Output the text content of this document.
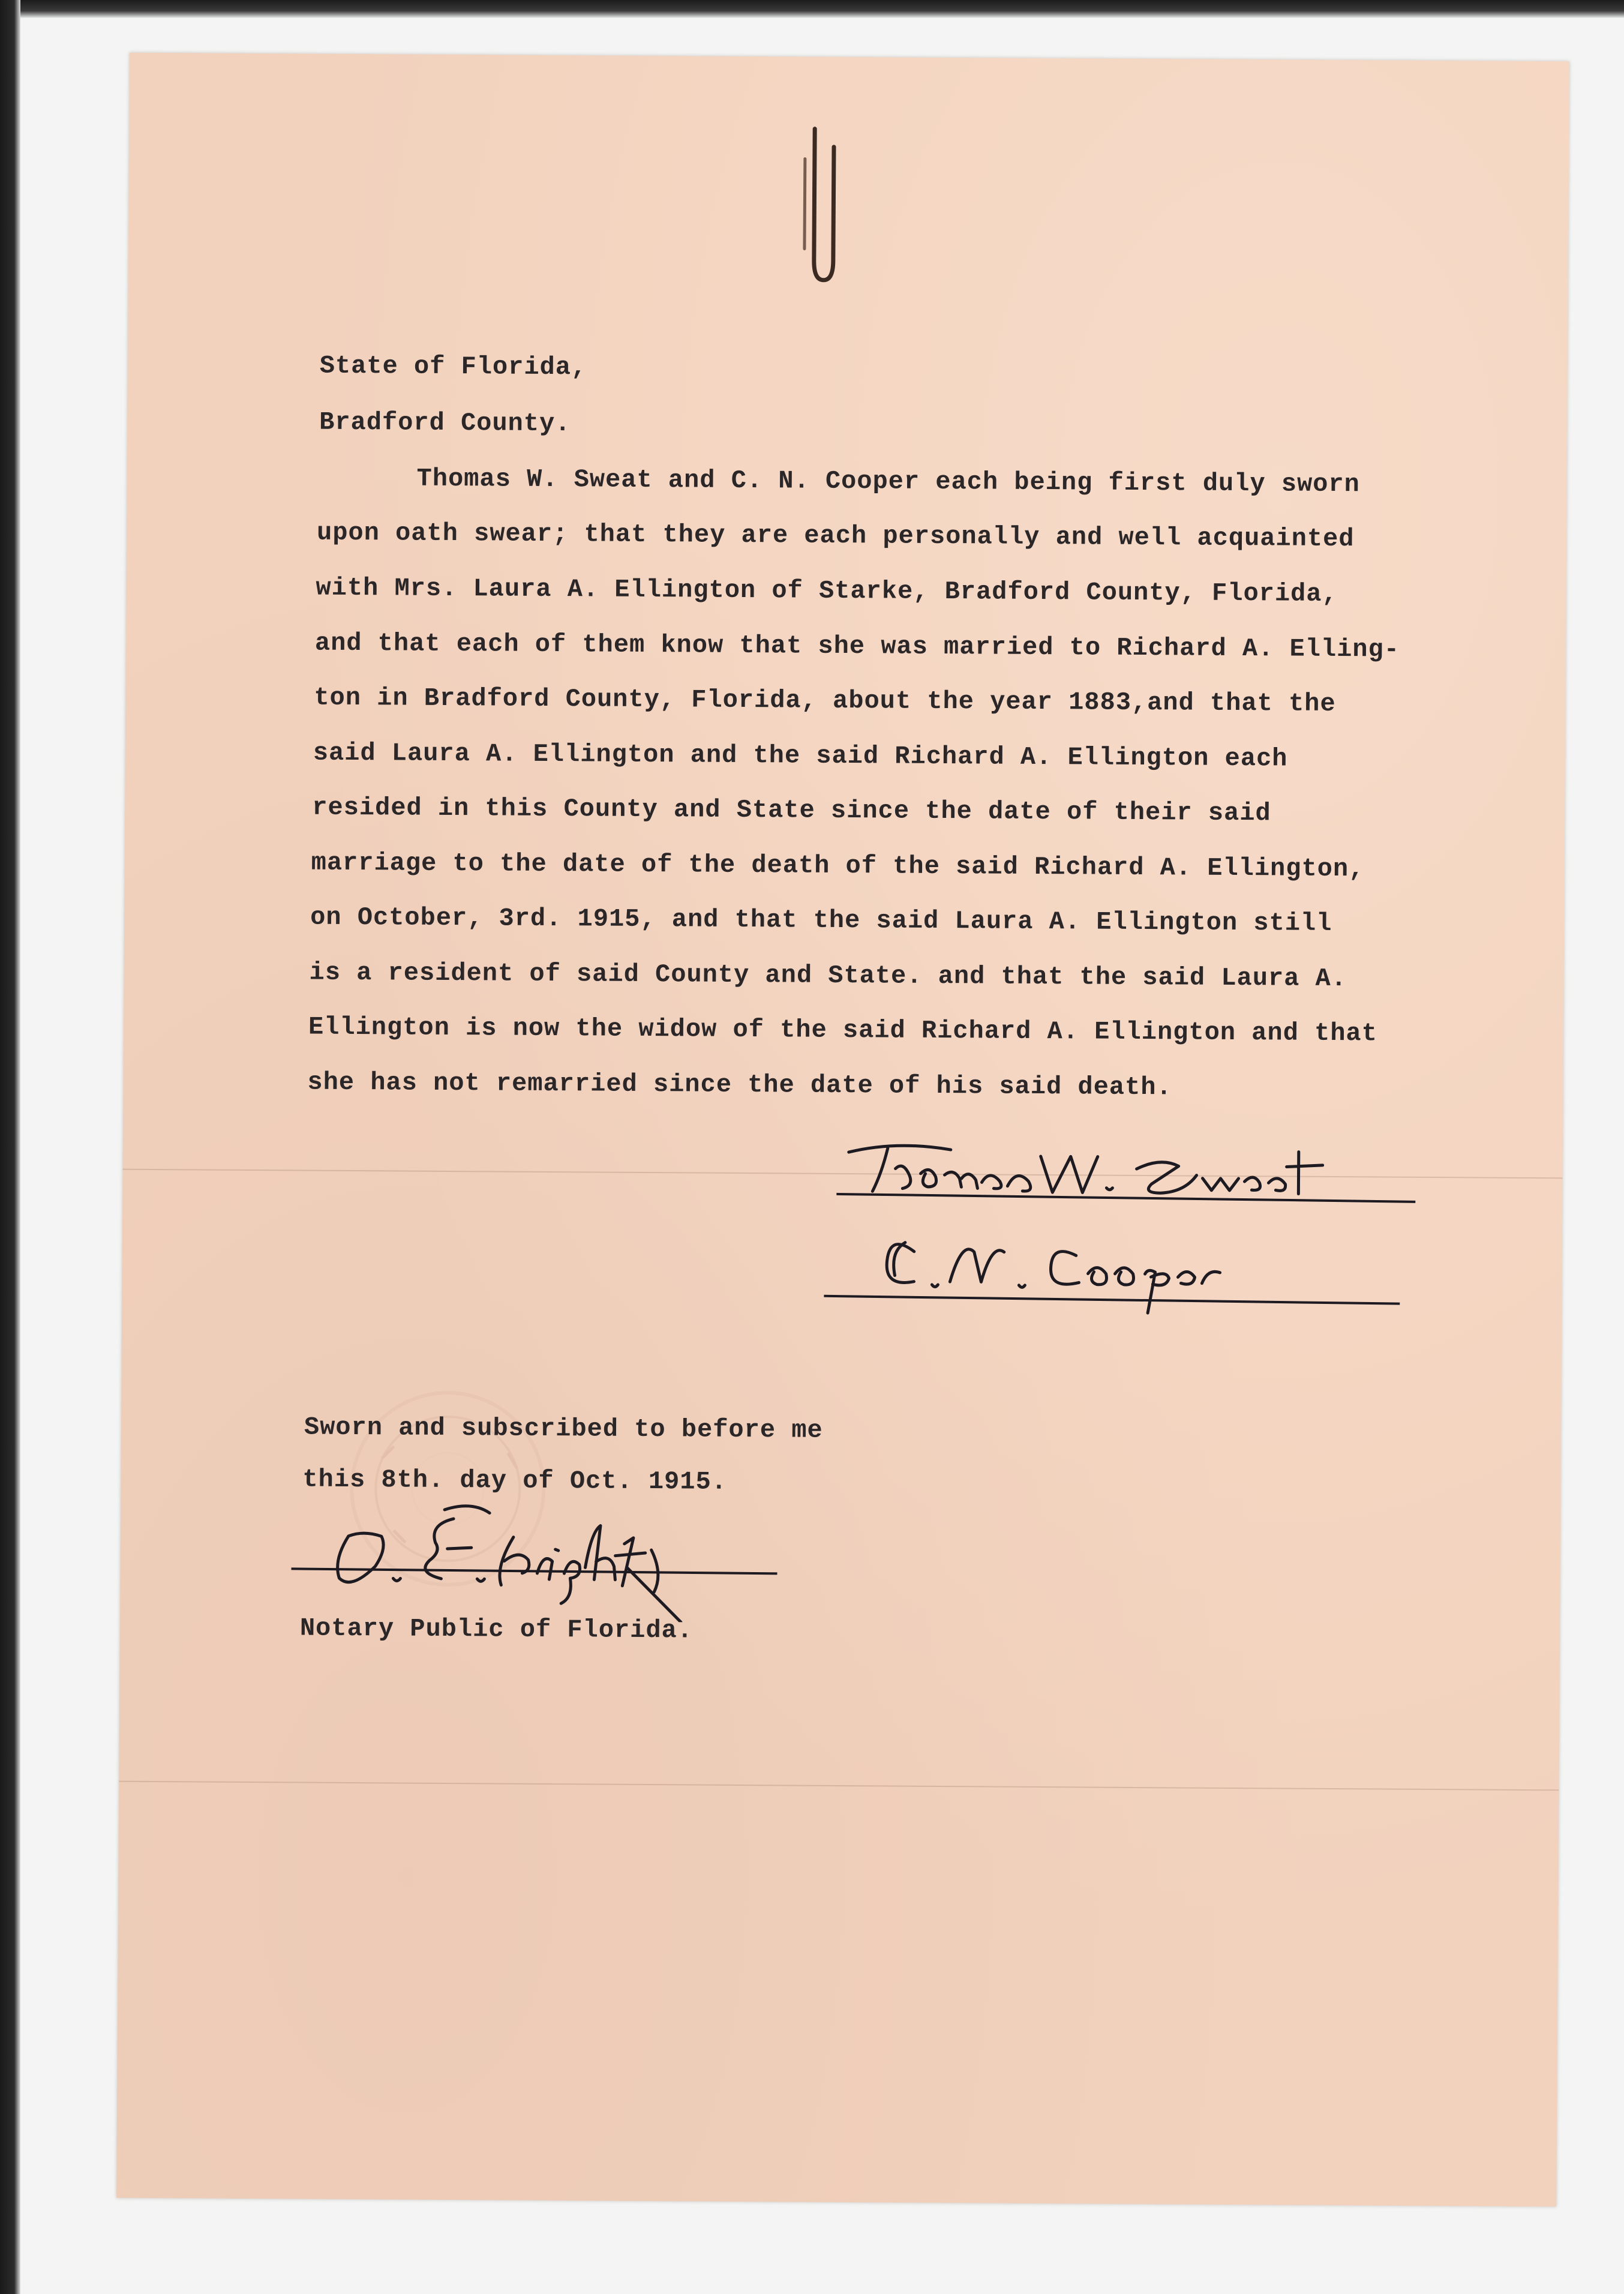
State of Florida,
Bradford County.
Thomas W. Sweat and C. N. Cooper each being first duly sworn
upon oath swear; that they are each personally and well acquainted
with Mrs. Laura A. Ellington of Starke, Bradford County, Florida,
and that each of them know that she was married to Richard A. Elling-
ton in Bradford County, Florida, about the year 1883,and that the
said Laura A. Ellington and the said Richard A. Ellington each
resided in this County and State since the date of their said
marriage to the date of the death of the said Richard A. Ellington,
on October, 3rd. 1915, and that the said Laura A. Ellington still
is a resident of said County and State. and that the said Laura A.
Ellington is now the widow of the said Richard A. Ellington and that
she has not remarried since the date of his said death.
Sworn and subscribed to before me
this 8th. day of Oct. 1915.
Notary Public of Florida.
